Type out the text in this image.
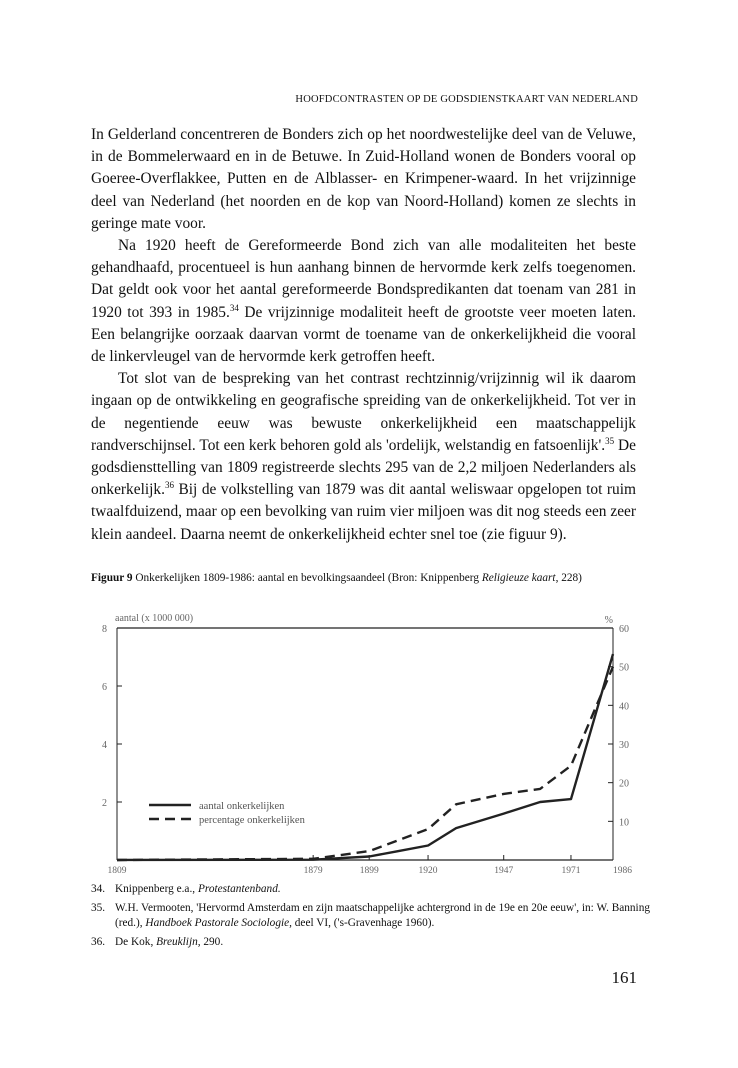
HOOFDCONTRASTEN OP DE GODSDIENSTKAART VAN NEDERLAND

In Gelderland concentreren de Bonders zich op het noordwestelijke deel van de Veluwe, in de Bommelerwaard en in de Betuwe. In Zuid-Holland wonen de Bonders vooral op Goeree-Overflakkee, Putten en de Alblasser- en Krimpener-waard. In het vrijzinnige deel van Nederland (het noorden en de kop van Noord-Holland) komen ze slechts in geringe mate voor.

Na 1920 heeft de Gereformeerde Bond zich van alle modaliteiten het beste gehandhaafd, procentueel is hun aanhang binnen de hervormde kerk zelfs toegenomen. Dat geldt ook voor het aantal gereformeerde Bondspredikanten dat toenam van 281 in 1920 tot 393 in 1985.34 De vrijzinnige modaliteit heeft de grootste veer moeten laten. Een belangrijke oorzaak daarvan vormt de toename van de onkerkelijkheid die vooral de linkervleugel van de hervormde kerk getroffen heeft.

Tot slot van de bespreking van het contrast rechtzinnig/vrijzinnig wil ik daarom ingaan op de ontwikkeling en geografische spreiding van de onkerkelijkheid. Tot ver in de negentiende eeuw was bewuste onkerkelijkheid een maatschappelijk randverschijnsel. Tot een kerk behoren gold als 'ordelijk, welstandig en fatsoenlijk'.$^{35}$ De godsdiensttelling van 1809 registreerde slechts 295 van de 2,2 miljoen Nederlanders als onkerkelijk.$^{36}$ Bij de volkstelling van 1879 was dit aantal weliswaar opgelopen tot ruim twaalfduizend, maar op een bevolking van ruim vier miljoen was dit nog steeds een zeer klein aandeel. Daarna neemt de onkerkelijkheid echter snel toe (zie figuur 9).

Figuur 9 Onkerkelijken 1809-1986: aantal en bevolkingsaandeel (Bron: Knippenberg Religieuze kaart, 228)
aantal (x 1000 000)	%
2
4
6
8
10
20
30
40
50
60
1809	1879	1899	1920	1947	1971	1986
aantal onkerkelijken
percentage onkerkelijken
34. Knippenberg e.a., Protestantenband.
35. W.H. Vermooten, 'Hervormd Amsterdam en zijn maatschappelijke achtergrond in de 19e en 20e eeuw', in: W. Banning (red.), Handboek Pastorale Sociologie, deel VI, ('s-Gravenhage 1960).
36. De Kok, Breuklijn, 290.
161
